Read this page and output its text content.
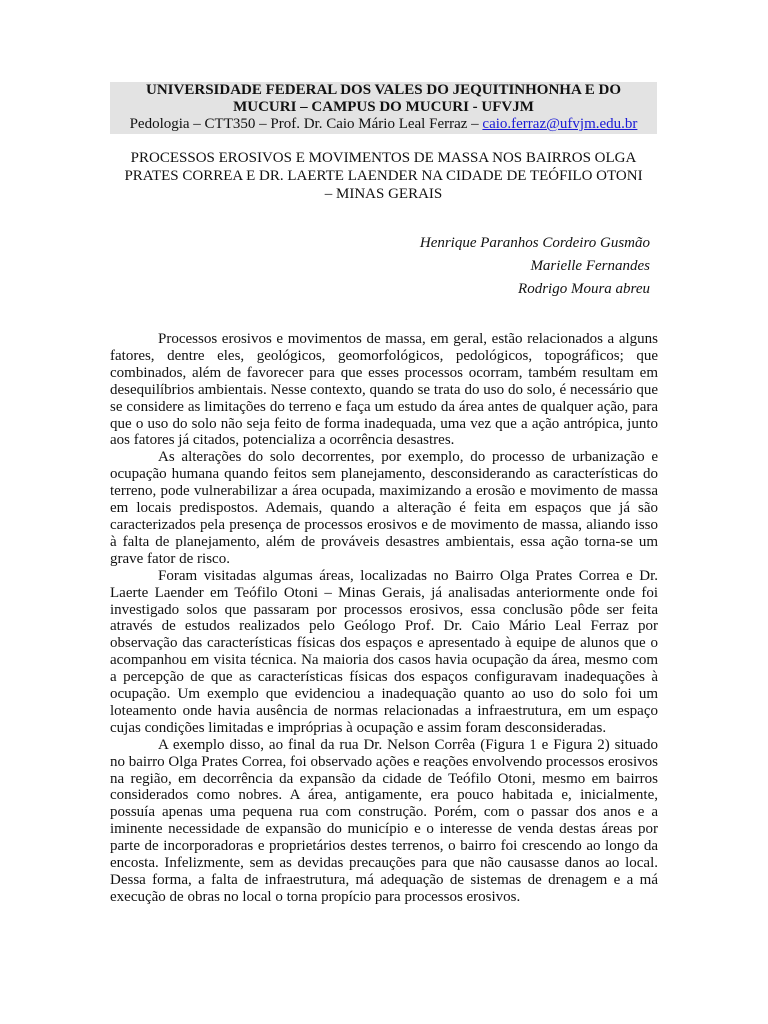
UNIVERSIDADE FEDERAL DOS VALES DO JEQUITINHONHA E DO
MUCURI – CAMPUS DO MUCURI - UFVJM
Pedologia – CTT350 – Prof. Dr. Caio Mário Leal Ferraz – caio.ferraz@ufvjm.edu.br
PROCESSOS EROSIVOS E MOVIMENTOS DE MASSA NOS BAIRROS OLGA
PRATES CORREA E DR. LAERTE LAENDER NA CIDADE DE TEÓFILO OTONI
– MINAS GERAIS
Henrique Paranhos Cordeiro Gusmão
Marielle Fernandes
Rodrigo Moura abreu

Processos erosivos e movimentos de massa, em geral, estão relacionados a alguns fatores, dentre eles, geológicos, geomorfológicos, pedológicos, topográficos; que combinados, além de favorecer para que esses processos ocorram, também resultam em desequilíbrios ambientais. Nesse contexto, quando se trata do uso do solo, é necessário que se considere as limitações do terreno e faça um estudo da área antes de qualquer ação, para que o uso do solo não seja feito de forma inadequada, uma vez que a ação antrópica, junto aos fatores já citados, potencializa a ocorrência desastres.

As alterações do solo decorrentes, por exemplo, do processo de urbanização e ocupação humana quando feitos sem planejamento, desconsiderando as características do terreno, pode vulnerabilizar a área ocupada, maximizando a erosão e movimento de massa em locais predispostos. Ademais, quando a alteração é feita em espaços que já são caracterizados pela presença de processos erosivos e de movimento de massa, aliando isso à falta de planejamento, além de prováveis desastres ambientais, essa ação torna-se um grave fator de risco.

Foram visitadas algumas áreas, localizadas no Bairro Olga Prates Correa e Dr. Laerte Laender em Teófilo Otoni – Minas Gerais, já analisadas anteriormente onde foi investigado solos que passaram por processos erosivos, essa conclusão pôde ser feita através de estudos realizados pelo Geólogo Prof. Dr. Caio Mário Leal Ferraz por observação das características físicas dos espaços e apresentado à equipe de alunos que o acompanhou em visita técnica. Na maioria dos casos havia ocupação da área, mesmo com a percepção de que as características físicas dos espaços configuravam inadequações à ocupação. Um exemplo que evidenciou a inadequação quanto ao uso do solo foi um loteamento onde havia ausência de normas relacionadas a infraestrutura, em um espaço cujas condições limitadas e impróprias à ocupação e assim foram desconsideradas.

A exemplo disso, ao final da rua Dr. Nelson Corrêa (Figura 1 e Figura 2) situado no bairro Olga Prates Correa, foi observado ações e reações envolvendo processos erosivos na região, em decorrência da expansão da cidade de Teófilo Otoni, mesmo em bairros considerados como nobres. A área, antigamente, era pouco habitada e, inicialmente, possuía apenas uma pequena rua com construção. Porém, com o passar dos anos e a iminente necessidade de expansão do município e o interesse de venda destas áreas por parte de incorporadoras e proprietários destes terrenos, o bairro foi crescendo ao longo da encosta. Infelizmente, sem as devidas precauções para que não causasse danos ao local. Dessa forma, a falta de infraestrutura, má adequação de sistemas de drenagem e a má execução de obras no local o torna propício para processos erosivos.
